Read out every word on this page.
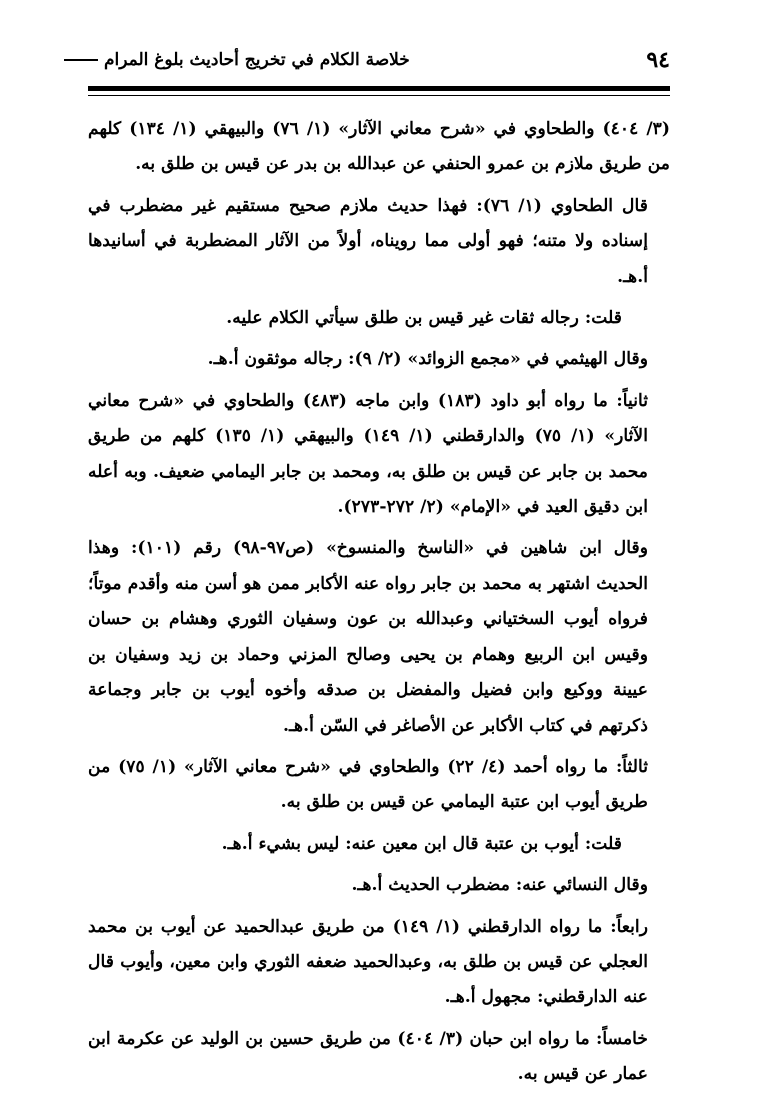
٩٤
خلاصة الكلام في تخريج أحاديث بلوغ المرام

(٣/ ٤٠٤) والطحاوي في «شرح معاني الآثار» (١/ ٧٦) والبيهقي (١/ ١٣٤) كلهم من طريق ملازم بن عمرو الحنفي عن عبدالله بن بدر عن قيس بن طلق به.

قال الطحاوي (١/ ٧٦): فهذا حديث ملازم صحيح مستقيم غير مضطرب في إسناده ولا متنه؛ فهو أولى مما رويناه، أولاً من الآثار المضطربة في أسانيدها أ.هـ.

قلت: رجاله ثقات غير قيس بن طلق سيأتي الكلام عليه.

وقال الهيثمي في «مجمع الزوائد» (٢/ ٩): رجاله موثقون أ.هـ.

ثانياً: ما رواه أبو داود (١٨٣) وابن ماجه (٤٨٣) والطحاوي في «شرح معاني الآثار» (١/ ٧٥) والدارقطني (١/ ١٤٩) والبيهقي (١/ ١٣٥) كلهم من طريق محمد بن جابر عن قيس بن طلق به، ومحمد بن جابر اليمامي ضعيف. وبه أعله ابن دقيق العيد في «الإمام» (٢/ ٢٧٢-٢٧٣).

وقال ابن شاهين في «الناسخ والمنسوخ» (ص٩٧-٩٨) رقم (١٠١): وهذا الحديث اشتهر به محمد بن جابر رواه عنه الأكابر ممن هو أسن منه وأقدم موتاً؛ فرواه أيوب السختياني وعبدالله بن عون وسفيان الثوري وهشام بن حسان وقيس ابن الربيع وهمام بن يحيى وصالح المزني وحماد بن زيد وسفيان بن عيينة ووكيع وابن فضيل والمفضل بن صدقه وأخوه أيوب بن جابر وجماعة ذكرتهم في كتاب الأكابر عن الأصاغر في السّن أ.هـ.

ثالثاً: ما رواه أحمد (٤/ ٢٢) والطحاوي في «شرح معاني الآثار» (١/ ٧٥) من طريق أيوب ابن عتبة اليمامي عن قيس بن طلق به.

قلت: أيوب بن عتبة قال ابن معين عنه: ليس بشيء أ.هـ.

وقال النسائي عنه: مضطرب الحديث أ.هـ.

رابعاً: ما رواه الدارقطني (١/ ١٤٩) من طريق عبدالحميد عن أيوب بن محمد العجلي عن قيس بن طلق به، وعبدالحميد ضعفه الثوري وابن معين، وأيوب قال عنه الدارقطني: مجهول أ.هـ.

خامساً: ما رواه ابن حبان (٣/ ٤٠٤) من طريق حسين بن الوليد عن عكرمة ابن عمار عن قيس به.
